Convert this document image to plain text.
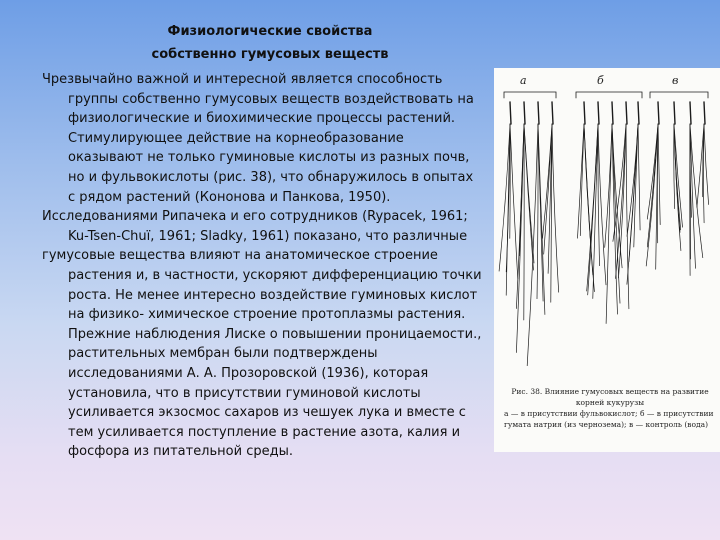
Физиологические свойства
собственно гумусовых веществ

Чрезвычайно важной и интересной является способность группы собственно гумусовых веществ воздействовать на физиологические и биохимические процессы растений. Стимулирующее действие на корнеобразование оказывают не только гуминовые кислоты из разных почв, но и фульвокислоты (рис. 38), что обнаружилось в опытах с рядом растений (Кононова и Панкова, 1950).

Исследованиями Рипачека и его сотрудников (Rypacek, 1961; Ku-Tsen-Chuï, 1961; Sladky, 1961) показано, что различные

гумусовые вещества влияют на анатомическое строение растения и, в частности, ускоряют дифференциацию точки роста. Не менее интересно воздействие гуминовых кислот на физико- химическое строение протоплазмы растения. Прежние наблюдения Лиске о повышении проницаемости., растительных мембран были подтверждены исследованиями А. А. Прозоровской (1936), которая установила, что в присутствии гуминовой кислоты усиливается экзосмос сахаров из чешуек лука и вместе с тем усиливается поступление в растение азота, калия и фосфора из питательной среды.

а	б	в
Рис. 38. Влияние гумусовых веществ на развитие корней кукурузы
а — в присутствии фульвокислот; б — в присутствии гумата натрия (из чернозема); в — контроль (вода)
